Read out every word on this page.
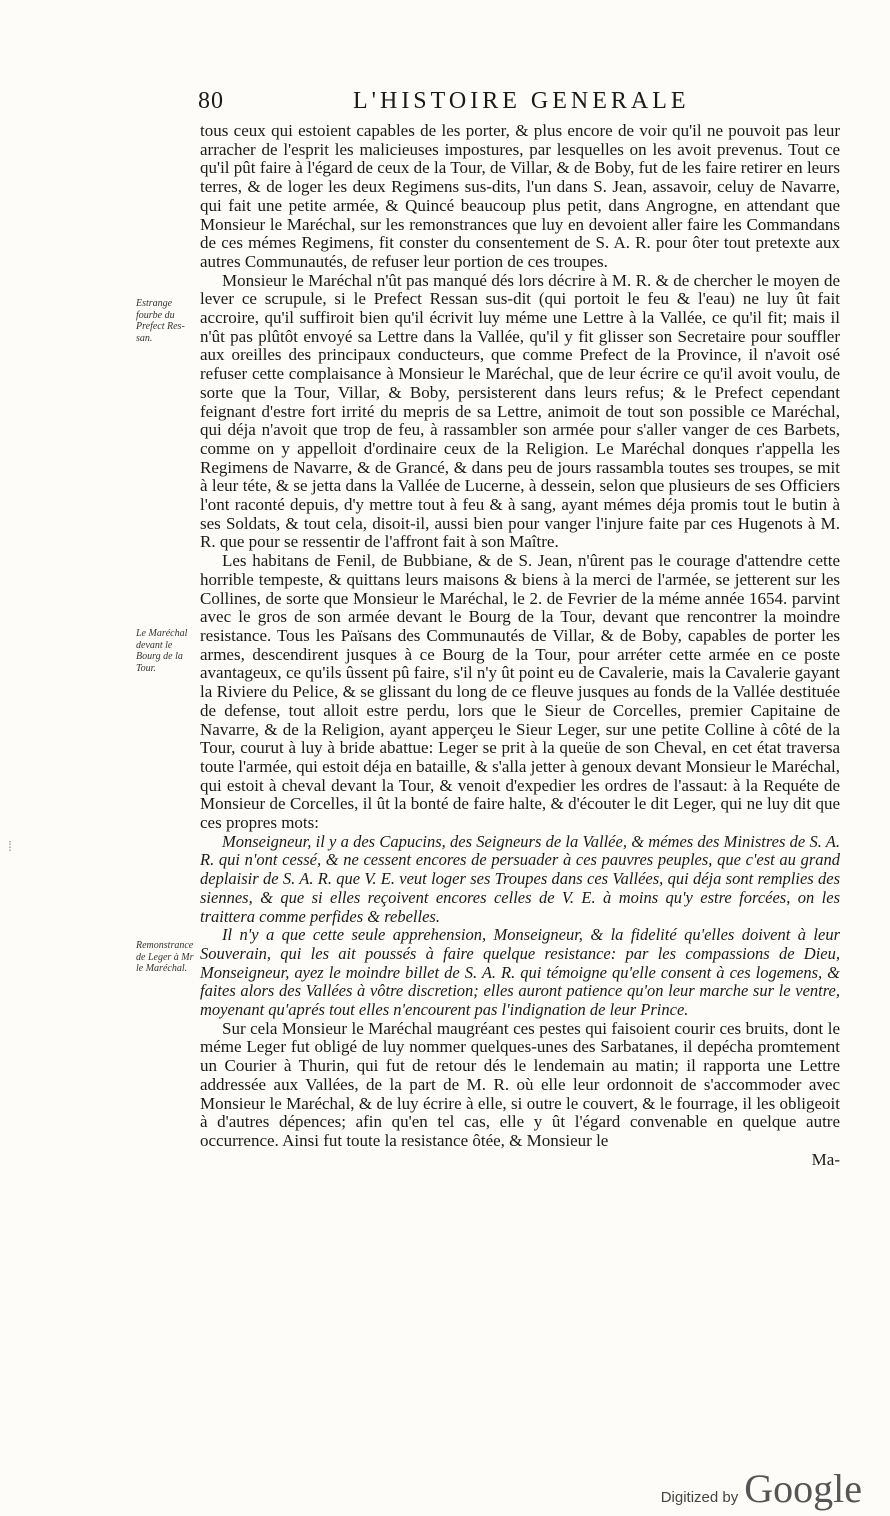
80	L'HISTOIRE GENERALE
Estrange fourbe du Prefect Res-san.
Le Maréchal devant le Bourg de la Tour.
Remonstrance de Leger à Mr le Maréchal.

tous ceux qui estoient capables de les porter, & plus encore de voir qu'il ne pouvoit pas leur arracher de l'esprit les malicieuses impostures, par lesquelles on les avoit prevenus. Tout ce qu'il pût faire à l'égard de ceux de la Tour, de Villar, & de Boby, fut de les faire retirer en leurs terres, & de loger les deux Regimens sus-dits, l'un dans S. Jean, assavoir, celuy de Navarre, qui fait une petite armée, & Quincé beaucoup plus petit, dans Angrogne, en attendant que Monsieur le Maréchal, sur les remonstrances que luy en devoient aller faire les Commandans de ces mémes Regimens, fit conster du consentement de S. A. R. pour ôter tout pretexte aux autres Communautés, de refuser leur portion de ces troupes.

Monsieur le Maréchal n'ût pas manqué dés lors décrire à M. R. & de chercher le moyen de lever ce scrupule, si le Prefect Ressan sus-dit (qui portoit le feu & l'eau) ne luy ût fait accroire, qu'il suffiroit bien qu'il écrivit luy méme une Lettre à la Vallée, ce qu'il fit; mais il n'ût pas plûtôt envoyé sa Lettre dans la Vallée, qu'il y fit glisser son Secretaire pour souffler aux oreilles des principaux conducteurs, que comme Prefect de la Province, il n'avoit osé refuser cette complaisance à Monsieur le Maréchal, que de leur écrire ce qu'il avoit voulu, de sorte que la Tour, Villar, & Boby, persisterent dans leurs refus; & le Prefect cependant feignant d'estre fort irrité du mepris de sa Lettre, animoit de tout son possible ce Maréchal, qui déja n'avoit que trop de feu, à rassambler son armée pour s'aller vanger de ces Barbets, comme on y appelloit d'ordinaire ceux de la Religion. Le Maréchal donques r'appella les Regimens de Navarre, & de Grancé, & dans peu de jours rassambla toutes ses troupes, se mit à leur téte, & se jetta dans la Vallée de Lucerne, à dessein, selon que plusieurs de ses Officiers l'ont raconté depuis, d'y mettre tout à feu & à sang, ayant mémes déja promis tout le butin à ses Soldats, & tout cela, disoit-il, aussi bien pour vanger l'injure faite par ces Hugenots à M. R. que pour se ressentir de l'affront fait à son Maître.

Les habitans de Fenil, de Bubbiane, & de S. Jean, n'ûrent pas le courage d'attendre cette horrible tempeste, & quittans leurs maisons & biens à la merci de l'armée, se jetterent sur les Collines, de sorte que Monsieur le Maréchal, le 2. de Fevrier de la méme année 1654. parvint avec le gros de son armée devant le Bourg de la Tour, devant que rencontrer la moindre resistance. Tous les Païsans des Communautés de Villar, & de Boby, capables de porter les armes, descendirent jusques à ce Bourg de la Tour, pour arréter cette armée en ce poste avantageux, ce qu'ils ûssent pû faire, s'il n'y ût point eu de Cavalerie, mais la Cavalerie gayant la Riviere du Pelice, & se glissant du long de ce fleuve jusques au fonds de la Vallée destituée de defense, tout alloit estre perdu, lors que le Sieur de Corcelles, premier Capitaine de Navarre, & de la Religion, ayant apperçeu le Sieur Leger, sur une petite Colline à côté de la Tour, courut à luy à bride abattue: Leger se prit à la queüe de son Cheval, en cet état traversa toute l'armée, qui estoit déja en bataille, & s'alla jetter à genoux devant Monsieur le Maréchal, qui estoit à cheval devant la Tour, & venoit d'expedier les ordres de l'assaut: à la Requéte de Monsieur de Corcelles, il ût la bonté de faire halte, & d'écouter le dit Leger, qui ne luy dit que ces propres mots:

Monseigneur, il y a des Capucins, des Seigneurs de la Vallée, & mémes des Ministres de S. A. R. qui n'ont cessé, & ne cessent encores de persuader à ces pauvres peuples, que c'est au grand deplaisir de S. A. R. que V. E. veut loger ses Troupes dans ces Vallées, qui déja sont remplies des siennes, & que si elles reçoivent encores celles de V. E. à moins qu'y estre forcées, on les traittera comme perfides & rebelles.

Il n'y a que cette seule apprehension, Monseigneur, & la fidelité qu'elles doivent à leur Souverain, qui les ait poussés à faire quelque resistance: par les compassions de Dieu, Monseigneur, ayez le moindre billet de S. A. R. qui témoigne qu'elle consent à ces logemens, & faites alors des Vallées à vôtre discretion; elles auront patience qu'on leur marche sur le ventre, moyenant qu'aprés tout elles n'encourent pas l'indignation de leur Prince.

Sur cela Monsieur le Maréchal maugréant ces pestes qui faisoient courir ces bruits, dont le méme Leger fut obligé de luy nommer quelques-unes des Sarbatanes, il depécha promtement un Courier à Thurin, qui fut de retour dés le lendemain au matin; il rapporta une Lettre addressée aux Vallées, de la part de M. R. où elle leur ordonnoit de s'accommoder avec Monsieur le Maréchal, & de luy écrire à elle, si outre le couvert, & le fourrage, il les obligeoit à d'autres dépences; afin qu'en tel cas, elle y ût l'égard convenable en quelque autre occurrence. Ainsi fut toute la resistance ôtée, & Monsieur le

Ma-

⁞
Digitized by Google
